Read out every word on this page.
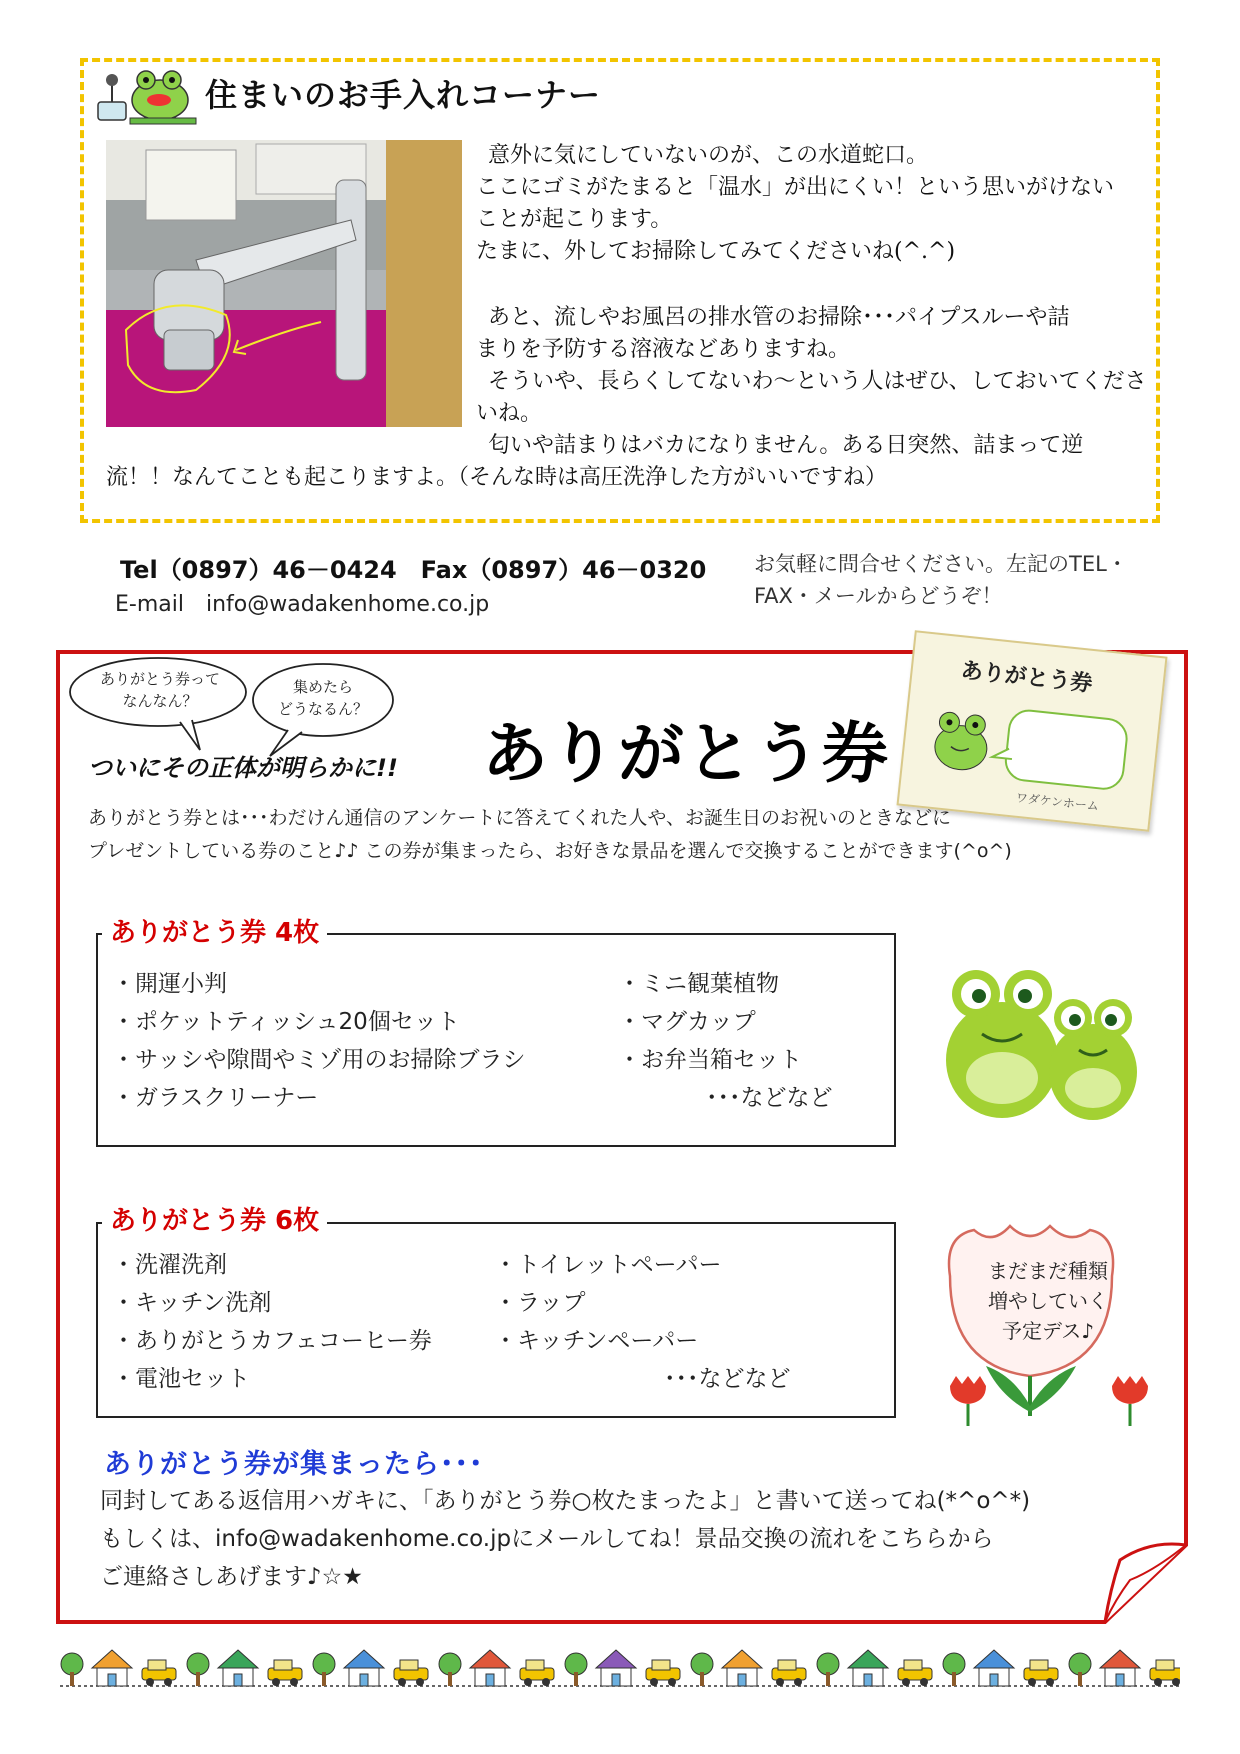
住まいのお手入れコーナー
意外に気にしていないのが、この水道蛇口。
ここにゴミがたまると「温水」が出にくい！という思いがけない
ことが起こります。
たまに、外してお掃除してみてくださいね(^.^)
あと、流しやお風呂の排水管のお掃除･･･パイプスルーや詰
まりを予防する溶液などありますね。
そういや、長らくしてないわ～という人はぜひ、しておいてくださ
いね。
匂いや詰まりはバカになりません。ある日突然、詰まって逆
流！！なんてことも起こりますよ。（そんな時は高圧洗浄した方がいいですね）
Tel（0897）46－0424　Fax（0897）46－0320
E-mail　info@wadakenhome.co.jp
お気軽に問合せください。左記のTEL・
FAX・メールからどうぞ！
ありがとう券って
なんなん？
集めたら
どうなるん？
ついにその正体が明らかに!! ありがとう券
ありがとう券
ワダケンホーム
ありがとう券とは･･･わだけん通信のアンケートに答えてくれた人や、お誕生日のお祝いのときなどに
プレゼントしている券のこと♪♪ この券が集まったら、お好きな景品を選んで交換することができます(^o^)
ありがとう券 4枚
・開運小判
・ポケットティッシュ20個セット
・サッシや隙間やミゾ用のお掃除ブラシ
・ガラスクリーナー
・ミニ観葉植物
・マグカップ
・お弁当箱セット
･･･などなど
ありがとう券 6枚
・洗濯洗剤
・キッチン洗剤
・ありがとうカフェコーヒー券
・電池セット
・トイレットペーパー
・ラップ
・キッチンペーパー
･･･などなど
まだまだ種類
増やしていく
予定デス♪
ありがとう券が集まったら･･･
同封してある返信用ハガキに、「ありがとう券○枚たまったよ」と書いて送ってね(*^o^*)
もしくは、info@wadakenhome.co.jpにメールしてね！景品交換の流れをこちらから
ご連絡さしあげます♪☆★
